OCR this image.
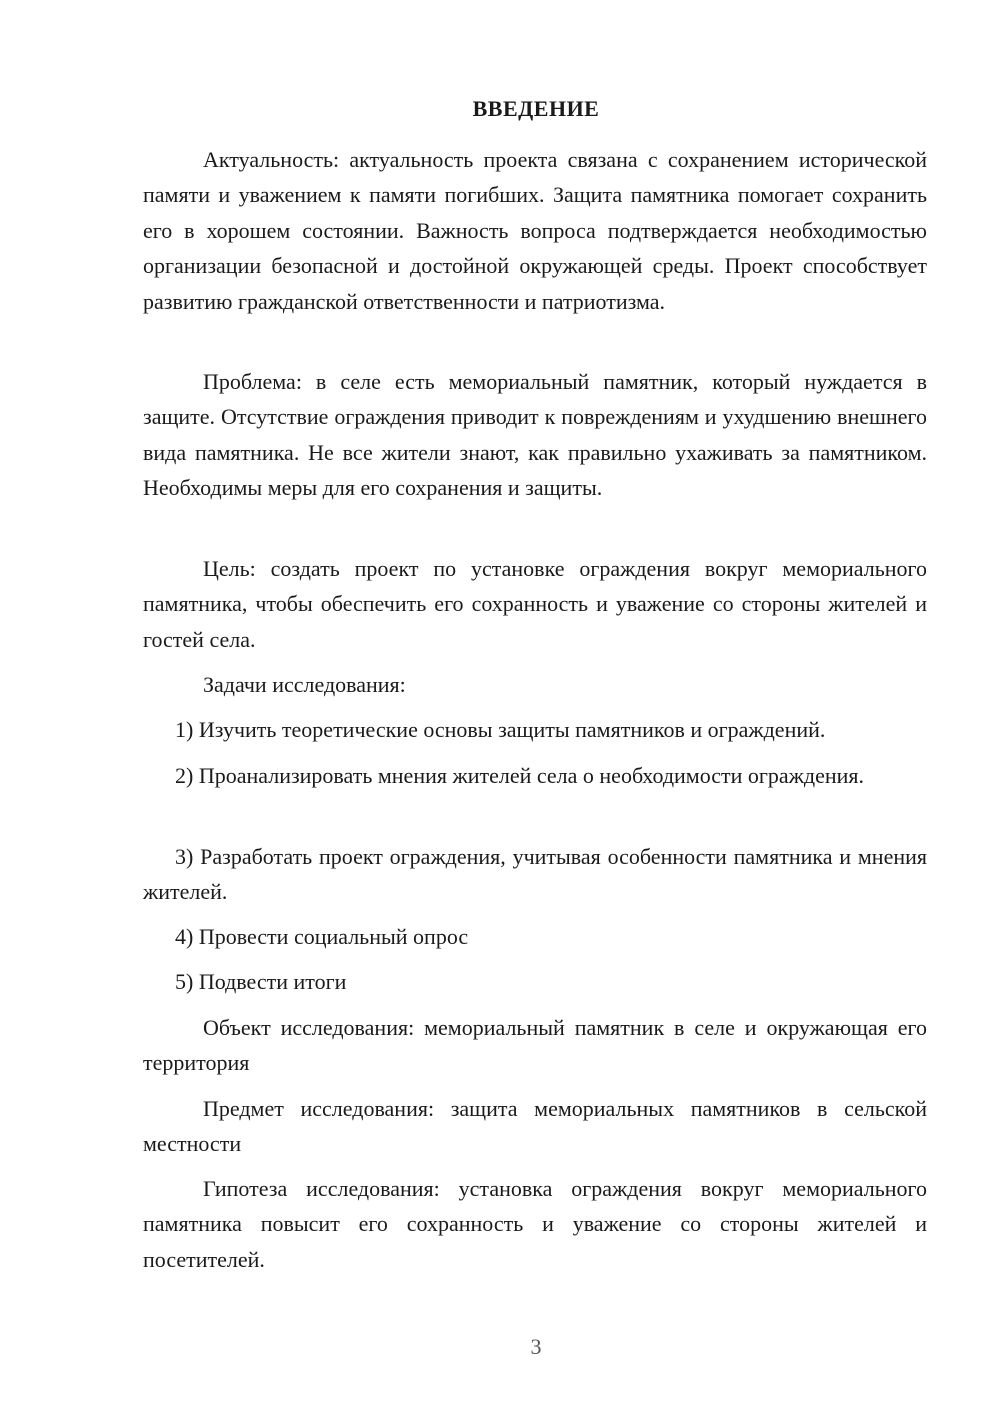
ВВЕДЕНИЕ

Актуальность: актуальность проекта связана с сохранением исторической памяти и уважением к памяти погибших. Защита памятника помогает сохранить его в хорошем состоянии. Важность вопроса подтверждается необходимостью организации безопасной и достойной окружающей среды. Проект способствует развитию гражданской ответственности и патриотизма.

Проблема: в селе есть мемориальный памятник, который нуждается в защите. Отсутствие ограждения приводит к повреждениям и ухудшению внешнего вида памятника. Не все жители знают, как правильно ухаживать за памятником. Необходимы меры для его сохранения и защиты.

Цель: создать проект по установке ограждения вокруг мемориального памятника, чтобы обеспечить его сохранность и уважение со стороны жителей и гостей села.

Задачи исследования:

1) Изучить теоретические основы защиты памятников и ограждений.

2) Проанализировать мнения жителей села о необходимости ограждения.

3) Разработать проект ограждения, учитывая особенности памятника и мнения жителей.

4) Провести социальный опрос

5) Подвести итоги

Объект исследования: мемориальный памятник в селе и окружающая его территория

Предмет исследования: защита мемориальных памятников в сельской местности

Гипотеза исследования: установка ограждения вокруг мемориального памятника повысит его сохранность и уважение со стороны жителей и посетителей.

3
